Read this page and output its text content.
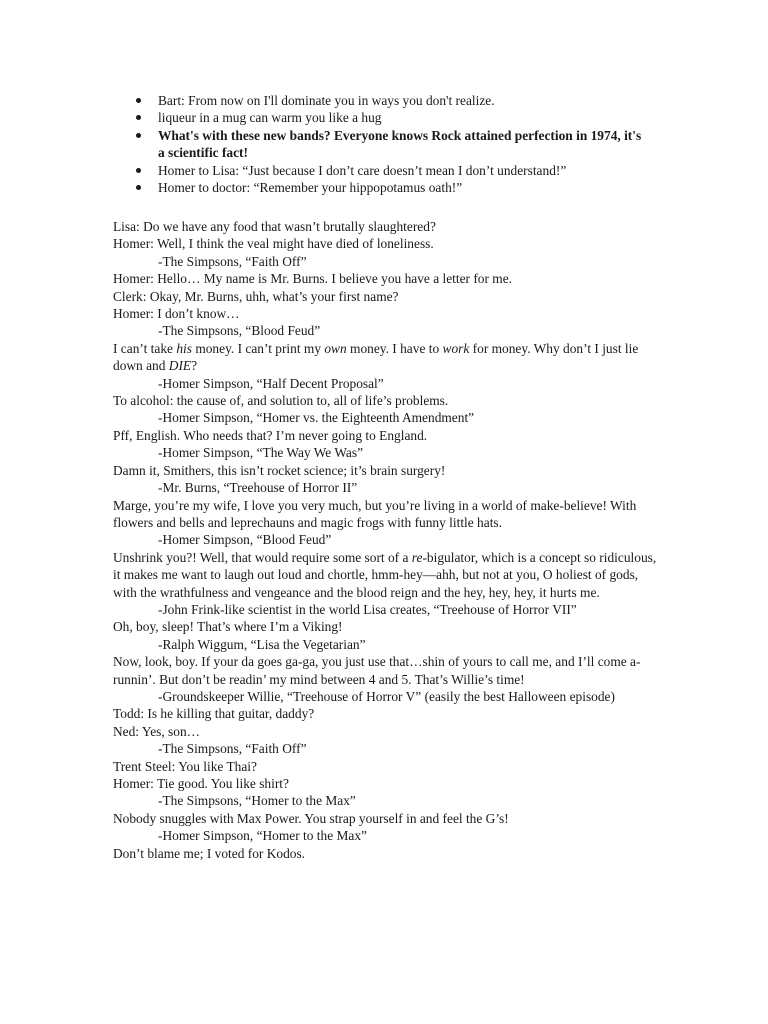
Bart: From now on I'll dominate you in ways you don't realize.
liqueur in a mug can warm you like a hug
What's with these new bands? Everyone knows Rock attained perfection in 1974, it's a scientific fact!
Homer to Lisa: “Just because I don’t care doesn’t mean I don’t understand!”
Homer to doctor: “Remember your hippopotamus oath!”
Lisa: Do we have any food that wasn’t brutally slaughtered?
Homer: Well, I think the veal might have died of loneliness.
-The Simpsons, “Faith Off”
Homer: Hello… My name is Mr. Burns. I believe you have a letter for me.
Clerk: Okay, Mr. Burns, uhh, what’s your first name?
Homer: I don’t know…
-The Simpsons, “Blood Feud”
I can’t take his money. I can’t print my own money. I have to work for money. Why don’t I just lie down and DIE?
-Homer Simpson, “Half Decent Proposal”
To alcohol: the cause of, and solution to, all of life’s problems.
-Homer Simpson, “Homer vs. the Eighteenth Amendment”
Pff, English. Who needs that? I’m never going to England.
-Homer Simpson, “The Way We Was”
Damn it, Smithers, this isn’t rocket science; it’s brain surgery!
-Mr. Burns, “Treehouse of Horror II”
Marge, you’re my wife, I love you very much, but you’re living in a world of make-believe! With flowers and bells and leprechauns and magic frogs with funny little hats.
-Homer Simpson, “Blood Feud”
Unshrink you?! Well, that would require some sort of a re-bigulator, which is a concept so ridiculous, it makes me want to laugh out loud and chortle, hmm-hey—ahh, but not at you, O holiest of gods, with the wrathfulness and vengeance and the blood reign and the hey, hey, hey, it hurts me.
-John Frink-like scientist in the world Lisa creates, “Treehouse of Horror VII”
Oh, boy, sleep! That’s where I’m a Viking!
-Ralph Wiggum, “Lisa the Vegetarian”
Now, look, boy. If your da goes ga-ga, you just use that…shin of yours to call me, and I’ll come a-runnin’. But don’t be readin’ my mind between 4 and 5. That’s Willie’s time!
-Groundskeeper Willie, “Treehouse of Horror V” (easily the best Halloween episode)
Todd: Is he killing that guitar, daddy?
Ned: Yes, son…
-The Simpsons, “Faith Off”
Trent Steel: You like Thai?
Homer: Tie good. You like shirt?
-The Simpsons, “Homer to the Max”
Nobody snuggles with Max Power. You strap yourself in and feel the G’s!
-Homer Simpson, “Homer to the Max”
Don’t blame me; I voted for Kodos.
